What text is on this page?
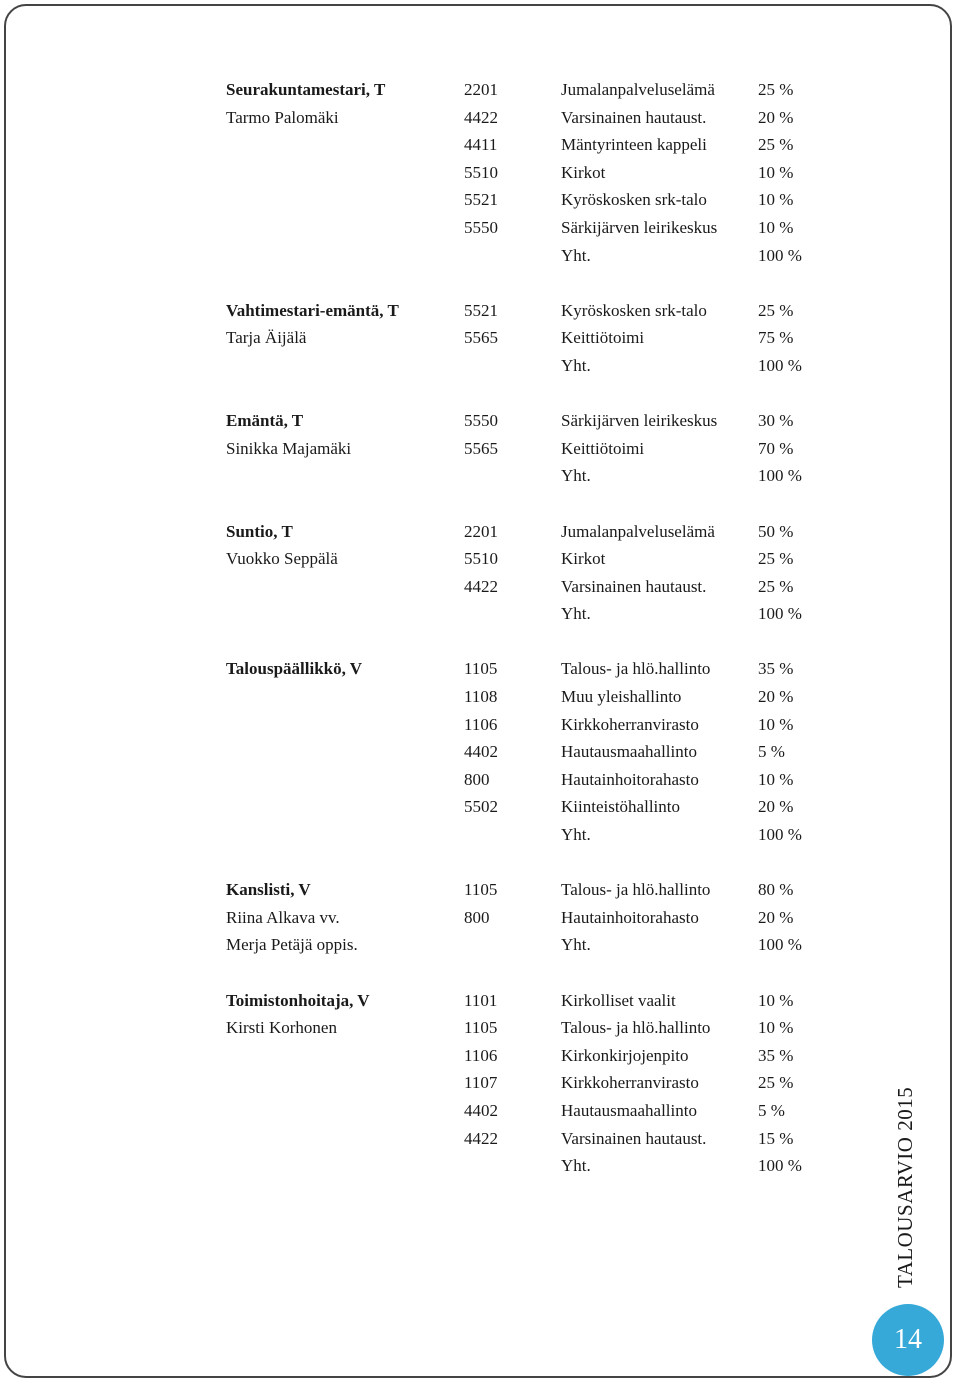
Seurakuntamestari, T	2201	Jumalanpalveluselämä	25 %
Tarmo Palomäki	4422	Varsinainen hautaust.	20 %
4411	Mäntyrinteen kappeli	25 %
5510	Kirkot	10 %
5521	Kyröskosken srk-talo	10 %
5550	Särkijärven leirikeskus 10 %
Yht.	100 %
Vahtimestari-emäntä, T	5521	Kyröskosken srk-talo	25 %
Tarja Äijälä	5565	Keittiötoimi	75 %
Yht.	100 %
Emäntä, T	5550	Särkijärven leirikeskus 30 %
Sinikka Majamäki	5565	Keittiötoimi	70 %
Yht.	100 %
Suntio, T	2201	Jumalanpalveluselämä	50 %
Vuokko Seppälä	5510	Kirkot	25 %
4422	Varsinainen hautaust.	25 %
Yht.	100 %
Talouspäällikkö, V	1105	Talous- ja hlö.hallinto	35 %
1108	Muu yleishallinto	20 %
1106	Kirkkoherranvirasto	10 %
4402	Hautausmaahallinto	5 %
800	Hautainhoitorahasto	10 %
5502	Kiinteistöhallinto	20 %
Yht.	100 %
Kanslisti, V	1105	Talous- ja hlö.hallinto	80 %
Riina Alkava vv.	800	Hautainhoitorahasto	20 %
Merja Petäjä oppis.	Yht.	100 %
Toimistonhoitaja, V	1101	Kirkolliset vaalit	10 %
Kirsti Korhonen	1105	Talous- ja hlö.hallinto	10 %
1106	Kirkonkirjojenpito	35 %
1107	Kirkkoherranvirasto	25 %
4402	Hautausmaahallinto	5 %
4422	Varsinainen hautaust.	15 %
Yht.	100 %	TALOUSARVIO 2015
14
